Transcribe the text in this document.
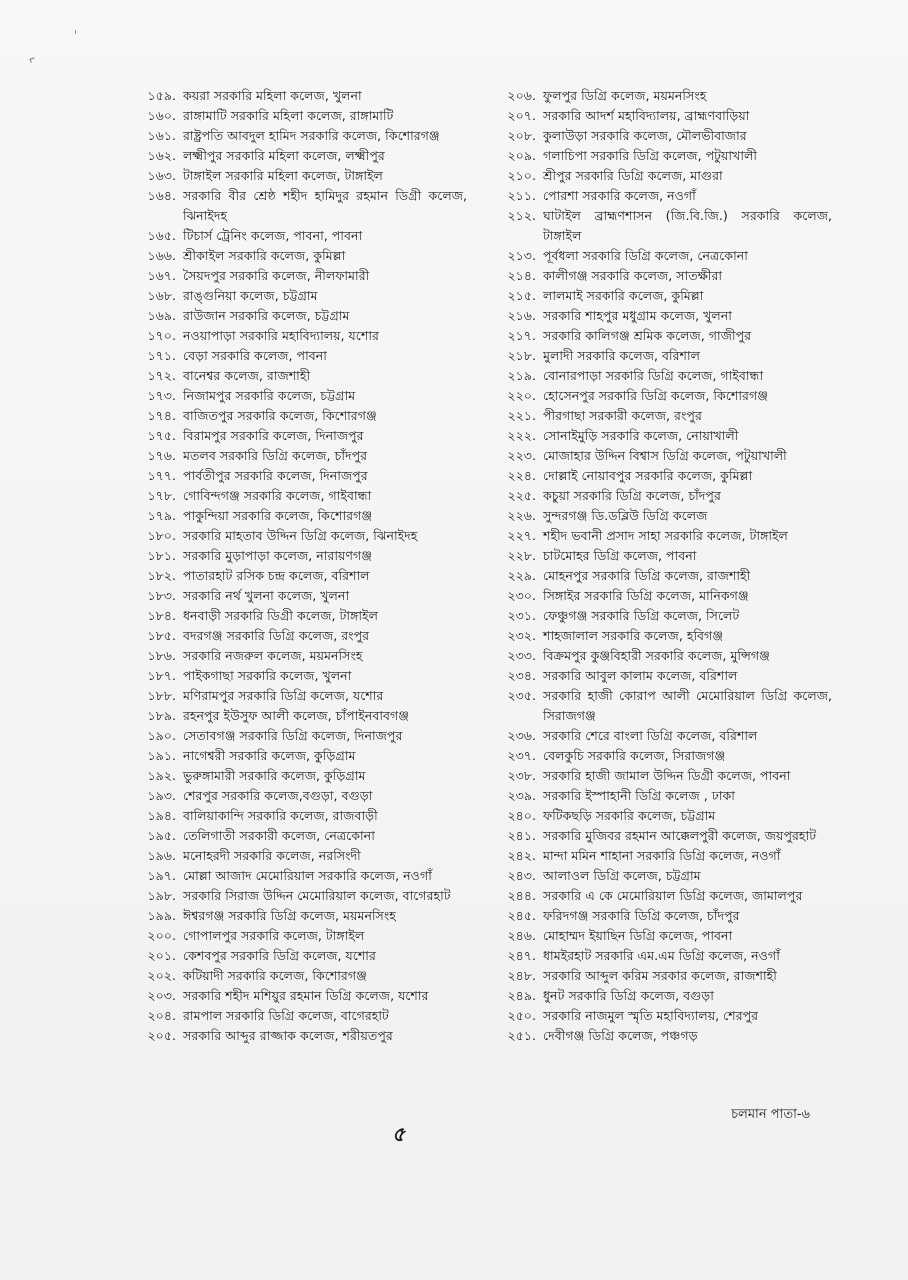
১৫৯. কয়রা সরকারি মহিলা কলেজ, খুলনা
১৬০. রাঙ্গামাটি সরকারি মহিলা কলেজ, রাঙ্গামাটি
১৬১. রাষ্ট্রপতি আবদুল হামিদ সরকারি কলেজ, কিশোরগঞ্জ
১৬২. লক্ষ্মীপুর সরকারি মহিলা কলেজ, লক্ষ্মীপুর
১৬৩. টাঙ্গাইল সরকারি মহিলা কলেজ, টাঙ্গাইল
১৬৪. সরকারি বীর শ্রেষ্ঠ শহীদ হামিদুর রহমান ডিগ্রী কলেজ, ঝিনাইদহ
১৬৫. টিচার্স ট্রেনিং কলেজ, পাবনা, পাবনা
১৬৬. শ্রীকাইল সরকারি কলেজ, কুমিল্লা
১৬৭. সৈয়দপুর সরকারি কলেজ, নীলফামারী
১৬৮. রাঙ্গুনিয়া কলেজ, চট্টগ্রাম
১৬৯. রাউজান সরকারি কলেজ, চট্টগ্রাম
১৭০. নওয়াপাড়া সরকারি মহাবিদ্যালয়, যশোর
১৭১. বেড়া সরকারি কলেজ, পাবনা
১৭২. বানেশ্বর কলেজ, রাজশাহী
১৭৩. নিজামপুর সরকারি কলেজ, চট্টগ্রাম
১৭৪. বাজিতপুর সরকারি কলেজ, কিশোরগঞ্জ
১৭৫. বিরামপুর সরকারি কলেজ, দিনাজপুর
১৭৬. মতলব সরকারি ডিগ্রি কলেজ, চাঁদপুর
১৭৭. পার্বতীপুর সরকারি কলেজ, দিনাজপুর
১৭৮. গোবিন্দগঞ্জ সরকারি কলেজ, গাইবান্ধা
১৭৯. পাকুন্দিয়া সরকারি কলেজ, কিশোরগঞ্জ
১৮০. সরকারি মাহতাব উদ্দিন ডিগ্রি কলেজ, ঝিনাইদহ
১৮১. সরকারি মুড়াপাড়া কলেজ, নারায়ণগঞ্জ
১৮২. পাতারহাট রসিক চন্দ্র কলেজ, বরিশাল
১৮৩. সরকারি নর্থ খুলনা কলেজ, খুলনা
১৮৪. ধনবাড়ী সরকারি ডিগ্রী কলেজ, টাঙ্গাইল
১৮৫. বদরগঞ্জ সরকারি ডিগ্রি কলেজ, রংপুর
১৮৬. সরকারি নজরুল কলেজ, ময়মনসিংহ
১৮৭. পাইকগাছা সরকারি কলেজ, খুলনা
১৮৮. মণিরামপুর সরকারি ডিগ্রি কলেজ, যশোর
১৮৯. রহনপুর ইউসুফ আলী কলেজ, চাঁপাইনবাবগঞ্জ
১৯০. সেতাবগঞ্জ সরকারি ডিগ্রি কলেজ, দিনাজপুর
১৯১. নাগেশ্বরী সরকারি কলেজ, কুড়িগ্রাম
১৯২. ভুরুঙ্গামারী সরকারি কলেজ, কুড়িগ্রাম
১৯৩. শেরপুর সরকারি কলেজ,বগুড়া, বগুড়া
১৯৪. বালিয়াকান্দি সরকারি কলেজ, রাজবাড়ী
১৯৫. তেলিগাতী সরকারী কলেজ, নেত্রকোনা
১৯৬. মনোহরদী সরকারি কলেজ, নরসিংদী
১৯৭. মোল্লা আজাদ মেমোরিয়াল সরকারি কলেজ, নওগাঁ
১৯৮. সরকারি সিরাজ উদ্দিন মেমোরিয়াল কলেজ, বাগেরহাট
১৯৯. ঈশ্বরগঞ্জ সরকারি ডিগ্রি কলেজ, ময়মনসিংহ
২০০. গোপালপুর সরকারি কলেজ, টাঙ্গাইল
২০১. কেশবপুর সরকারি ডিগ্রি কলেজ, যশোর
২০২. কটিয়াদী সরকারি কলেজ, কিশোরগঞ্জ
২০৩. সরকারি শহীদ মশিয়ুর রহমান ডিগ্রি কলেজ, যশোর
২০৪. রামপাল সরকারি ডিগ্রি কলেজ, বাগেরহাট
২০৫. সরকারি আব্দুর রাজ্জাক কলেজ, শরীয়তপুর
২০৬. ফুলপুর ডিগ্রি কলেজ, ময়মনসিংহ
২০৭. সরকারি আদর্শ মহাবিদ্যালয়, ব্রাহ্মণবাড়িয়া
২০৮. কুলাউড়া সরকারি কলেজ, মৌলভীবাজার
২০৯. গলাচিপা সরকারি ডিগ্রি কলেজ, পটুয়াখালী
২১০. শ্রীপুর সরকারি ডিগ্রি কলেজ, মাগুরা
২১১. পোরশা সরকারি কলেজ, নওগাঁ
২১২. ঘাটাইল ব্রাহ্মণশাসন (জি.বি.জি.) সরকারি কলেজ, টাঙ্গাইল
২১৩. পূর্বধলা সরকারি ডিগ্রি কলেজ, নেত্রকোনা
২১৪. কালীগঞ্জ সরকারি কলেজ, সাতক্ষীরা
২১৫. লালমাই সরকারি কলেজ, কুমিল্লা
২১৬. সরকারি শাহপুর মধুগ্রাম কলেজ, খুলনা
২১৭. সরকারি কালিগঞ্জ শ্রমিক কলেজ, গাজীপুর
২১৮. মুলাদী সরকারি কলেজ, বরিশাল
২১৯. বোনারপাড়া সরকারি ডিগ্রি কলেজ, গাইবান্ধা
২২০. হোসেনপুর সরকারি ডিগ্রি কলেজ, কিশোরগঞ্জ
২২১. পীরগাছা সরকারী কলেজ, রংপুর
২২২. সোনাইমুড়ি সরকারি কলেজ, নোয়াখালী
২২৩. মোজাহার উদ্দিন বিশ্বাস ডিগ্রি কলেজ, পটুয়াখালী
২২৪. দোল্লাই নোয়াবপুর সরকারি কলেজ, কুমিল্লা
২২৫. কচুয়া সরকারি ডিগ্রি কলেজ, চাঁদপুর
২২৬. সুন্দরগঞ্জ ডি.ডব্লিউ ডিগ্রি কলেজ
২২৭. শহীদ ভবানী প্রসাদ সাহা সরকারি কলেজ, টাঙ্গাইল
২২৮. চাটমোহর ডিগ্রি কলেজ, পাবনা
২২৯. মোহনপুর সরকারি ডিগ্রি কলেজ, রাজশাহী
২৩০. সিঙ্গাইর সরকারি ডিগ্রি কলেজ, মানিকগঞ্জ
২৩১. ফেঞ্চুগঞ্জ সরকারি ডিগ্রি কলেজ, সিলেট
২৩২. শাহজালাল সরকারি কলেজ, হবিগঞ্জ
২৩৩. বিক্রমপুর কুঞ্জবিহারী সরকারি কলেজ, মুন্সিগঞ্জ
২৩৪. সরকারি আবুল কালাম কলেজ, বরিশাল
২৩৫. সরকারি হাজী কোরাপ আলী মেমোরিয়াল ডিগ্রি কলেজ, সিরাজগঞ্জ
২৩৬. সরকারি শেরে বাংলা ডিগ্রি কলেজ, বরিশাল
২৩৭. বেলকুচি সরকারি কলেজ, সিরাজগঞ্জ
২৩৮. সরকারি হাজী জামাল উদ্দিন ডিগ্রী কলেজ, পাবনা
২৩৯. সরকারি ইস্পাহানী ডিগ্রি কলেজ , ঢাকা
২৪০. ফটিকছড়ি সরকারি কলেজ, চট্টগ্রাম
২৪১. সরকারি মুজিবর রহমান আক্কেলপুরী কলেজ, জয়পুরহাট
২৪২. মান্দা মমিন শাহানা সরকারি ডিগ্রি কলেজ, নওগাঁ
২৪৩. আলাওল ডিগ্রি কলেজ, চট্টগ্রাম
২৪৪. সরকারি এ কে মেমোরিয়াল ডিগ্রি কলেজ, জামালপুর
২৪৫. ফরিদগঞ্জ সরকারি ডিগ্রি কলেজ, চাঁদপুর
২৪৬. মোহাম্মদ ইয়াছিন ডিগ্রি কলেজ, পাবনা
২৪৭. ধামইরহাট সরকারি এম.এম ডিগ্রি কলেজ, নওগাঁ
২৪৮. সরকারি আব্দুল করিম সরকার কলেজ, রাজশাহী
২৪৯. ধুনট সরকারি ডিগ্রি কলেজ, বগুড়া
২৫০. সরকারি নাজমুল স্মৃতি মহাবিদ্যালয়, শেরপুর
২৫১. দেবীগঞ্জ ডিগ্রি কলেজ, পঞ্চগড়
চলমান পাতা-৬
৫
